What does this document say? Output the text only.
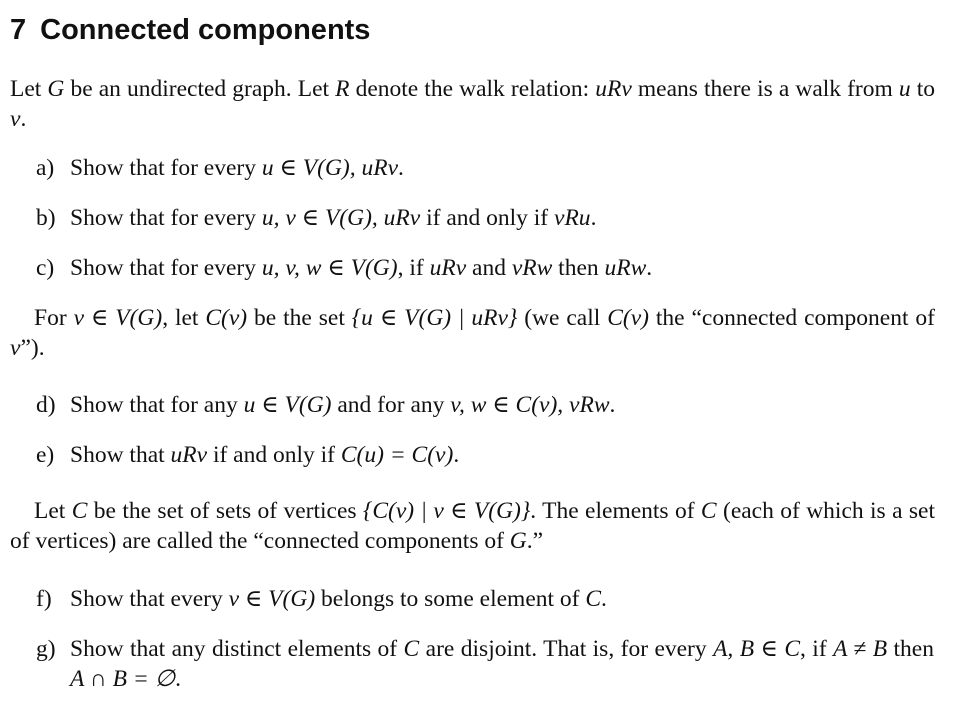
7 Connected components
Let G be an undirected graph. Let R denote the walk relation: uRv means there is a walk from u to v.
a) Show that for every u ∈ V(G), uRv.
b) Show that for every u, v ∈ V(G), uRv if and only if vRu.
c) Show that for every u, v, w ∈ V(G), if uRv and vRw then uRw.
For v ∈ V(G), let C(v) be the set {u ∈ V(G) | uRv} (we call C(v) the “connected component of v”).
d) Show that for any u ∈ V(G) and for any v, w ∈ C(v), vRw.
e) Show that uRv if and only if C(u) = C(v).
Let C be the set of sets of vertices {C(v) | v ∈ V(G)}. The elements of C (each of which is a set of vertices) are called the “connected components of G.”
f) Show that every v ∈ V(G) belongs to some element of C.
g) Show that any distinct elements of C are disjoint. That is, for every A, B ∈ C, if A ≠ B then A ∩ B = ∅.
